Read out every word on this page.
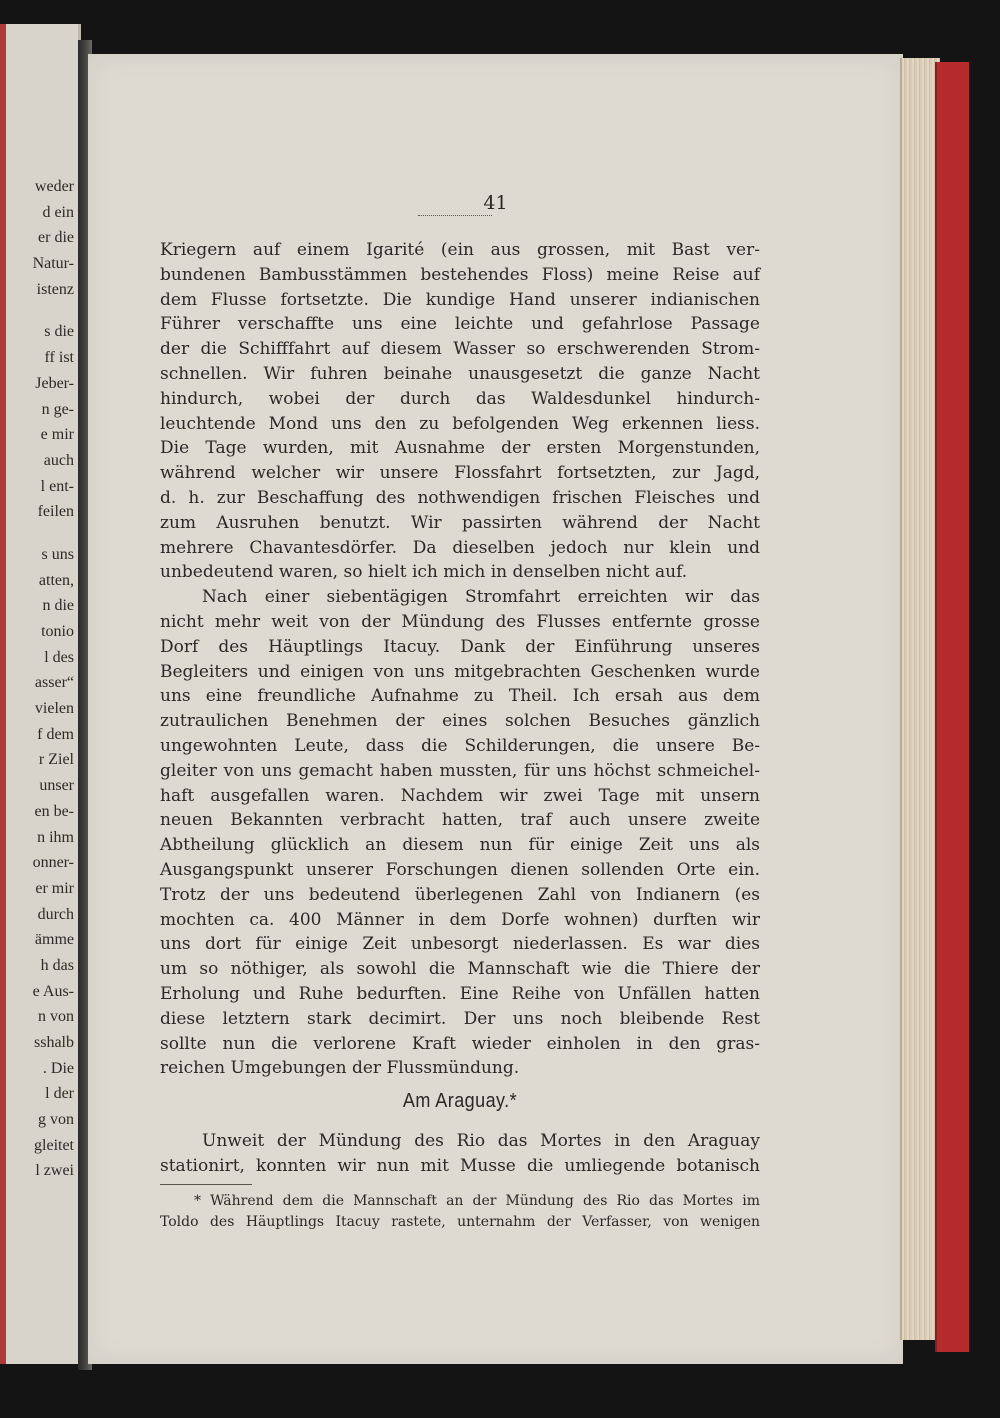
weder
d ein
er die
Natur-
istenz
s die
ff ist
Jeber-
n ge-
e mir
auch
l ent-
feilen
s uns
atten,
n die
tonio
l des
asser“
vielen
f dem
r Ziel
unser
en be-
n ihm
onner-
er mir
durch
ämme
h das
e Aus-
n von
sshalb
. Die
l der
g von
gleitet
l zwei
41
Kriegern auf einem Igarité (ein aus grossen, mit Bast ver-
bundenen Bambusstämmen bestehendes Floss) meine Reise auf
dem Flusse fortsetzte. Die kundige Hand unserer indianischen
Führer verschaffte uns eine leichte und gefahrlose Passage
der die Schifffahrt auf diesem Wasser so erschwerenden Strom-
schnellen. Wir fuhren beinahe unausgesetzt die ganze Nacht
hindurch, wobei der durch das Waldesdunkel hindurch-
leuchtende Mond uns den zu befolgenden Weg erkennen liess.
Die Tage wurden, mit Ausnahme der ersten Morgenstunden,
während welcher wir unsere Flossfahrt fortsetzten, zur Jagd,
d. h. zur Beschaffung des nothwendigen frischen Fleisches und
zum Ausruhen benutzt. Wir passirten während der Nacht
mehrere Chavantesdörfer. Da dieselben jedoch nur klein und
unbedeutend waren, so hielt ich mich in denselben nicht auf.
Nach einer siebentägigen Stromfahrt erreichten wir das
nicht mehr weit von der Mündung des Flusses entfernte grosse
Dorf des Häuptlings Itacuy. Dank der Einführung unseres
Begleiters und einigen von uns mitgebrachten Geschenken wurde
uns eine freundliche Aufnahme zu Theil. Ich ersah aus dem
zutraulichen Benehmen der eines solchen Besuches gänzlich
ungewohnten Leute, dass die Schilderungen, die unsere Be-
gleiter von uns gemacht haben mussten, für uns höchst schmeichel-
haft ausgefallen waren. Nachdem wir zwei Tage mit unsern
neuen Bekannten verbracht hatten, traf auch unsere zweite
Abtheilung glücklich an diesem nun für einige Zeit uns als
Ausgangspunkt unserer Forschungen dienen sollenden Orte ein.
Trotz der uns bedeutend überlegenen Zahl von Indianern (es
mochten ca. 400 Männer in dem Dorfe wohnen) durften wir
uns dort für einige Zeit unbesorgt niederlassen. Es war dies
um so nöthiger, als sowohl die Mannschaft wie die Thiere der
Erholung und Ruhe bedurften. Eine Reihe von Unfällen hatten
diese letztern stark decimirt. Der uns noch bleibende Rest
sollte nun die verlorene Kraft wieder einholen in den gras-
reichen Umgebungen der Flussmündung.
Am Araguay.*
Unweit der Mündung des Rio das Mortes in den Araguay
stationirt, konnten wir nun mit Musse die umliegende botanisch
* Während dem die Mannschaft an der Mündung des Rio das Mortes im
Toldo des Häuptlings Itacuy rastete, unternahm der Verfasser, von wenigen
